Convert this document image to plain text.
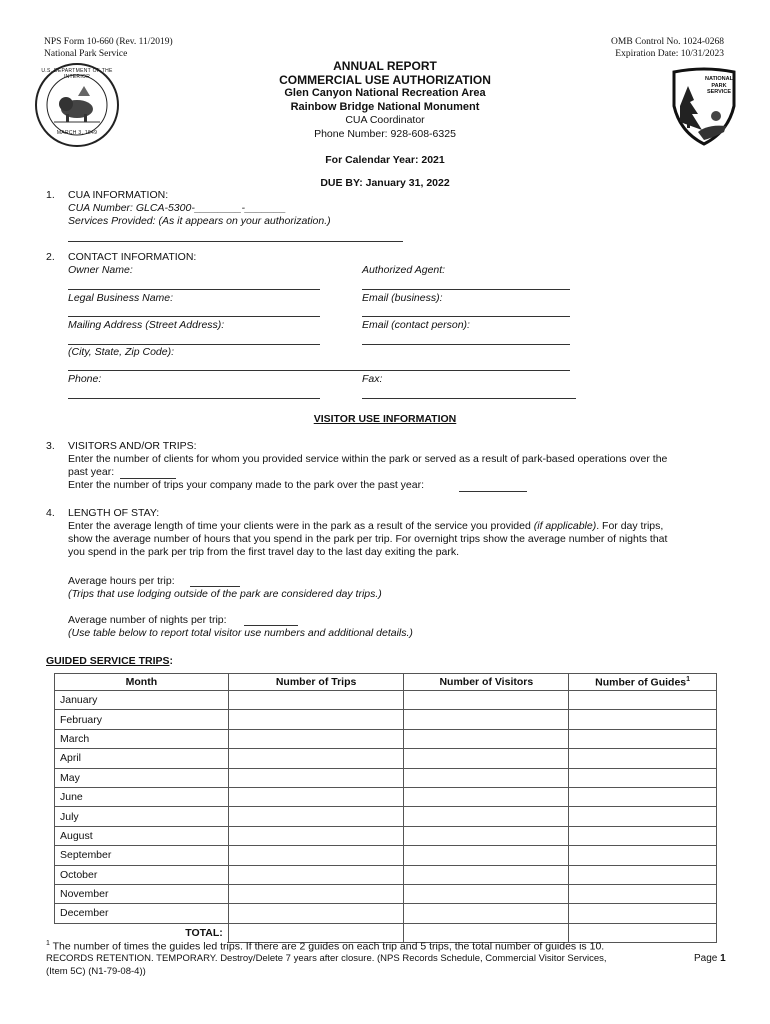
NPS Form 10-660 (Rev. 11/2019)
National Park Service
OMB Control No. 1024-0268
Expiration Date: 10/31/2023
U.S. DEPARTMENT OF THE INTERIOR
MARCH 3, 1849
NATIONAL
PARK
SERVICE
ANNUAL REPORT
COMMERCIAL USE AUTHORIZATION
Glen Canyon National Recreation Area
Rainbow Bridge National Monument
CUA Coordinator
Phone Number: 928-608-6325
For Calendar Year: 2021
DUE BY: January 31, 2022
1. CUA INFORMATION:
CUA Number: GLCA-5300-________-_______
Services Provided: (As it appears on your authorization.)
2. CONTACT INFORMATION:
Owner Name:	Authorized Agent:
Legal Business Name:	Email (business):
Mailing Address (Street Address):	Email (contact person):
(City, State, Zip Code):
Phone:	Fax:
VISITOR USE INFORMATION
3. VISITORS AND/OR TRIPS:
Enter the number of clients for whom you provided service within the park or served as a result of park-based operations over the
past year:
Enter the number of trips your company made to the park over the past year:
4. LENGTH OF STAY:
Enter the average length of time your clients were in the park as a result of the service you provided (if applicable). For day trips,
show the average number of hours that you spend in the park per trip. For overnight trips show the average number of nights that
you spend in the park per trip from the first travel day to the last day exiting the park.
Average hours per trip:
(Trips that use lodging outside of the park are considered day trips.)
Average number of nights per trip:
(Use table below to report total visitor use numbers and additional details.)
GUIDED SERVICE TRIPS:
Month	Number of Trips	Number of Visitors	Number of Guides$^1$
January			
February			
March			
April			
May			
June			
July			
August			
September			
October			
November			
December			
TOTAL:			
$^1$ The number of times the guides led trips. If there are 2 guides on each trip and 5 trips, the total number of guides is 10.
RECORDS RETENTION. TEMPORARY. Destroy/Delete 7 years after closure. (NPS Records Schedule, Commercial Visitor Services,
(Item 5C) (N1-79-08-4))
Page 1
